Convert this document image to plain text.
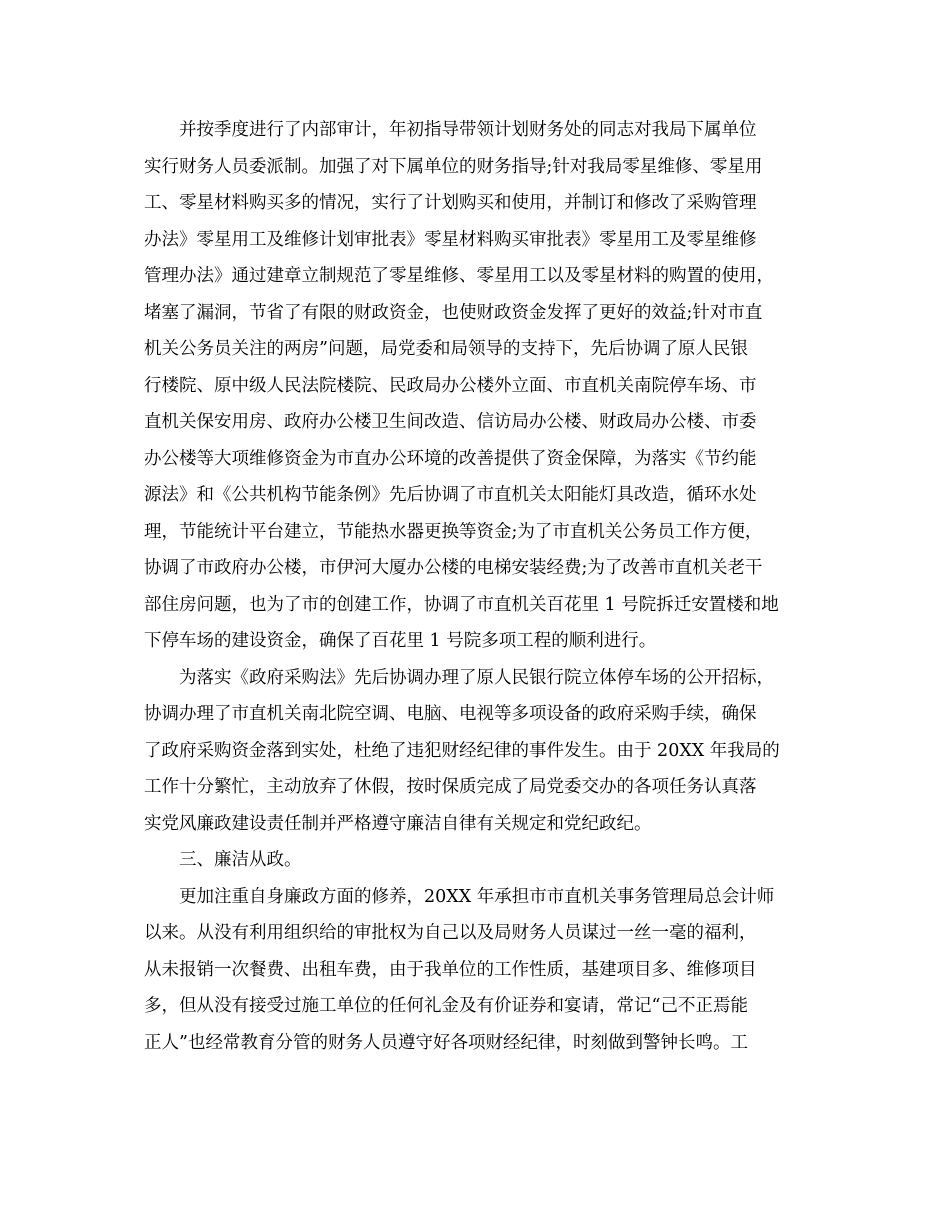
并按季度进行了内部审计，年初指导带领计划财务处的同志对我局下属单位
实行财务人员委派制。加强了对下属单位的财务指导;针对我局零星维修、零星用
工、零星材料购买多的情况，实行了计划购买和使用，并制订和修改了采购管理
办法》零星用工及维修计划审批表》零星材料购买审批表》零星用工及零星维修
管理办法》通过建章立制规范了零星维修、零星用工以及零星材料的购置的使用，
堵塞了漏洞，节省了有限的财政资金，也使财政资金发挥了更好的效益;针对市直
机关公务员关注的两房”问题，局党委和局领导的支持下，先后协调了原人民银
行楼院、原中级人民法院楼院、民政局办公楼外立面、市直机关南院停车场、市
直机关保安用房、政府办公楼卫生间改造、信访局办公楼、财政局办公楼、市委
办公楼等大项维修资金为市直办公环境的改善提供了资金保障，为落实《节约能
源法》和《公共机构节能条例》先后协调了市直机关太阳能灯具改造，循环水处
理，节能统计平台建立，节能热水器更换等资金;为了市直机关公务员工作方便，
协调了市政府办公楼，市伊河大厦办公楼的电梯安装经费;为了改善市直机关老干
部住房问题，也为了市的创建工作，协调了市直机关百花里 1 号院拆迁安置楼和地
下停车场的建设资金，确保了百花里 1 号院多项工程的顺利进行。
为落实《政府采购法》先后协调办理了原人民银行院立体停车场的公开招标，
协调办理了市直机关南北院空调、电脑、电视等多项设备的政府采购手续，确保
了政府采购资金落到实处，杜绝了违犯财经纪律的事件发生。由于 20XX 年我局的
工作十分繁忙，主动放弃了休假，按时保质完成了局党委交办的各项任务认真落
实党风廉政建设责任制并严格遵守廉洁自律有关规定和党纪政纪。
三、廉洁从政。
更加注重自身廉政方面的修养，20XX 年承担市市直机关事务管理局总会计师
以来。从没有利用组织给的审批权为自己以及局财务人员谋过一丝一毫的福利，
从未报销一次餐费、出租车费，由于我单位的工作性质，基建项目多、维修项目
多，但从没有接受过施工单位的任何礼金及有价证券和宴请，常记“己不正焉能
正人”也经常教育分管的财务人员遵守好各项财经纪律，时刻做到警钟长鸣。工
